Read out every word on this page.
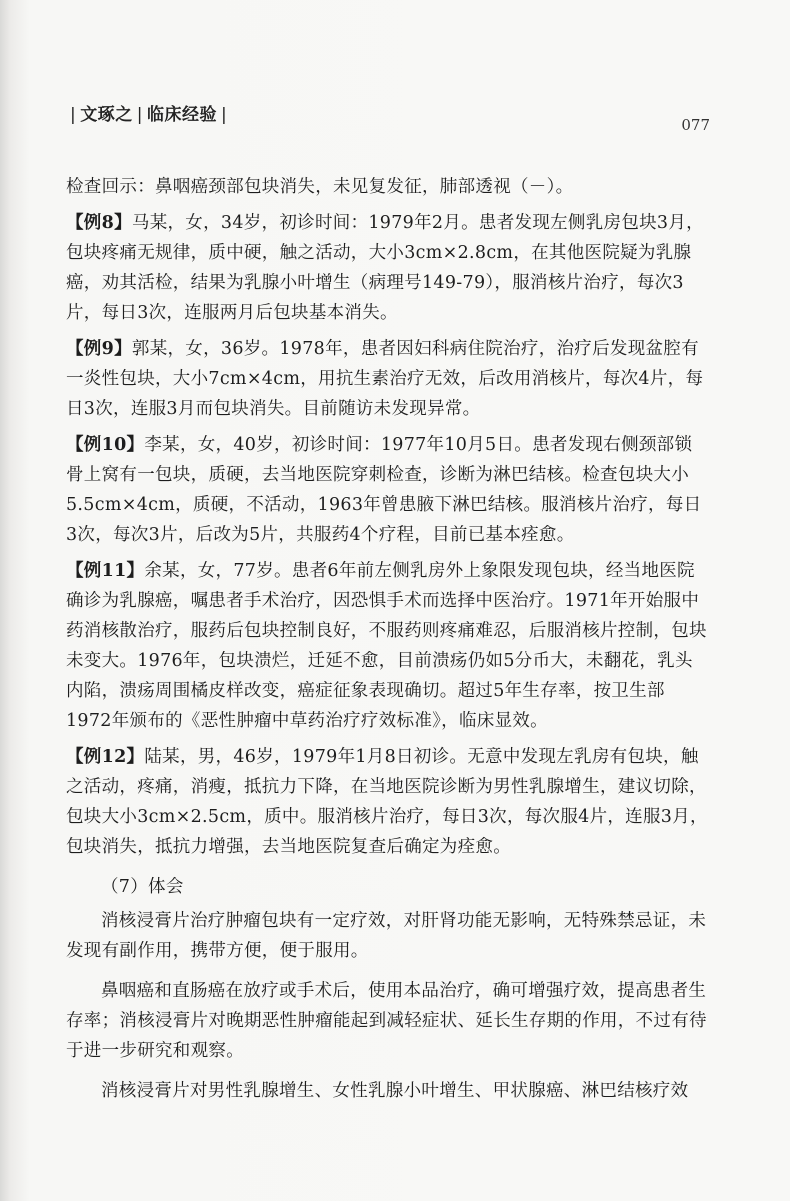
| 文琢之 | 临床经验 |	077

检查回示：鼻咽癌颈部包块消失，未见复发征，肺部透视（－）。

【例8】马某，女，34岁，初诊时间：1979年2月。患者发现左侧乳房包块3月，包块疼痛无规律，质中硬，触之活动，大小3cm×2.8cm，在其他医院疑为乳腺癌，劝其活检，结果为乳腺小叶增生（病理号149-79），服消核片治疗，每次3片，每日3次，连服两月后包块基本消失。

【例9】郭某，女，36岁。1978年，患者因妇科病住院治疗，治疗后发现盆腔有一炎性包块，大小7cm×4cm，用抗生素治疗无效，后改用消核片，每次4片，每日3次，连服3月而包块消失。目前随访未发现异常。

【例10】李某，女，40岁，初诊时间：1977年10月5日。患者发现右侧颈部锁骨上窝有一包块，质硬，去当地医院穿刺检查，诊断为淋巴结核。检查包块大小5.5cm×4cm，质硬，不活动，1963年曾患腋下淋巴结核。服消核片治疗，每日3次，每次3片，后改为5片，共服药4个疗程，目前已基本痊愈。

【例11】余某，女，77岁。患者6年前左侧乳房外上象限发现包块，经当地医院确诊为乳腺癌，嘱患者手术治疗，因恐惧手术而选择中医治疗。1971年开始服中药消核散治疗，服药后包块控制良好，不服药则疼痛难忍，后服消核片控制，包块未变大。1976年，包块溃烂，迁延不愈，目前溃疡仍如5分币大，未翻花，乳头内陷，溃疡周围橘皮样改变，癌症征象表现确切。超过5年生存率，按卫生部1972年颁布的《恶性肿瘤中草药治疗疗效标准》，临床显效。

【例12】陆某，男，46岁，1979年1月8日初诊。无意中发现左乳房有包块，触之活动，疼痛，消瘦，抵抗力下降，在当地医院诊断为男性乳腺增生，建议切除，包块大小3cm×2.5cm，质中。服消核片治疗，每日3次，每次服4片，连服3月，包块消失，抵抗力增强，去当地医院复查后确定为痊愈。

（7）体会

消核浸膏片治疗肿瘤包块有一定疗效，对肝肾功能无影响，无特殊禁忌证，未发现有副作用，携带方便，便于服用。

鼻咽癌和直肠癌在放疗或手术后，使用本品治疗，确可增强疗效，提高患者生存率；消核浸膏片对晚期恶性肿瘤能起到减轻症状、延长生存期的作用，不过有待于进一步研究和观察。

消核浸膏片对男性乳腺增生、女性乳腺小叶增生、甲状腺癌、淋巴结核疗效
